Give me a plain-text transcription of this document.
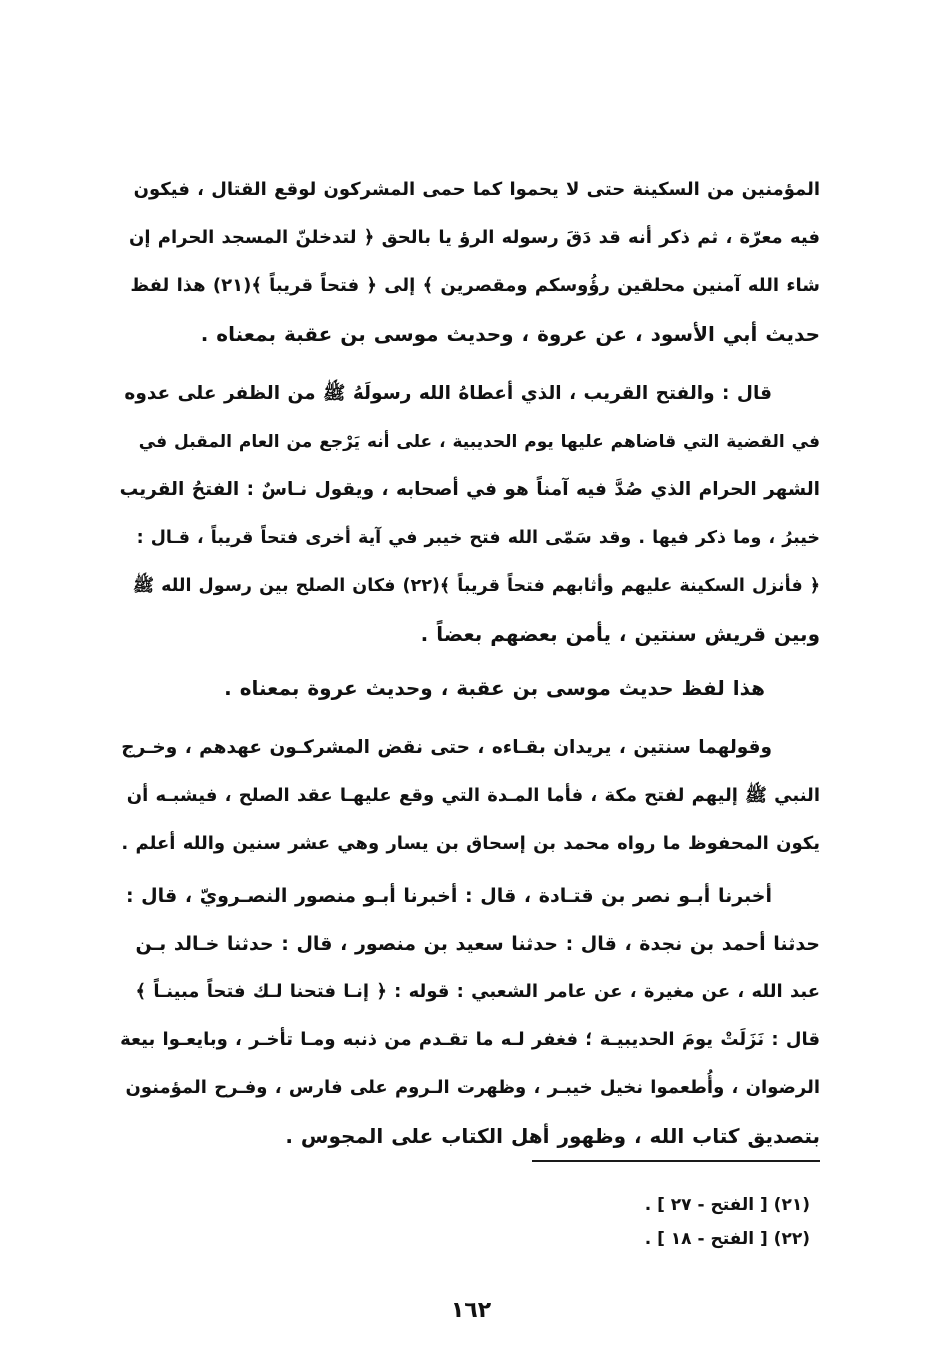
المؤمنين من السكينة حتى لا يحموا كما حمى المشركون لوقع القتال ، فيكون
فيه معرّة ، ثم ذكر أنه قد دَقَ رسوله الرؤ يا بالحق ﴿ لتدخلنّ المسجد الحرام إن
شاء الله آمنين محلقين رؤُوسكم ومقصرين ﴾ إلى ﴿ فتحاً قريباً ﴾(٢١) هذا لفظ
حديث أبي الأسود ، عن عروة ، وحديث موسى بن عقبة بمعناه .
قال : والفتح القريب ، الذي أعطاهُ الله رسولَهُ ﷺ من الظفر على عدوه
في القضية التي قاضاهم عليها يوم الحديبية ، على أنه يَرْجع من العام المقبل في
الشهر الحرام الذي صُدَّ فيه آمناً هو في أصحابه ، ويقول نـاسٌ : الفتحُ القريب
خيبرُ ، وما ذكر فيها . وقد سَمّى الله فتح خيبر في آية أخرى فتحاً قريباً ، قـال :
﴿ فأنزل السكينة عليهم وأثابهم فتحاً قريباً ﴾(٢٢) فكان الصلح بين رسول الله ﷺ
وبين قريش سنتين ، يأمن بعضهم بعضاً .
هذا لفظ حديث موسى بن عقبة ، وحديث عروة بمعناه .
وقولهما سنتين ، يريدان بقـاءه ، حتى نقض المشركـون عهدهم ، وخـرج
النبي ﷺ إليهم لفتح مكة ، فأما المـدة التي وقع عليهـا عقد الصلح ، فيشبـه أن
يكون المحفوظ ما رواه محمد بن إسحاق بن يسار وهي عشر سنين والله أعلم .
أخبرنا أبـو نصر بن قتـادة ، قال : أخبرنا أبـو منصور النصـرويّ ، قال :
حدثنا أحمد بن نجدة ، قال : حدثنا سعيد بن منصور ، قال : حدثنا خـالد بـن
عبد الله ، عن مغيرة ، عن عامر الشعبي : قوله : ﴿ إنـا فتحنا لـك فتحاً مبينـاً ﴾
قال : نَزَلَتْ يومَ الحديبيـة ؛ فغفر لـه ما تقـدم من ذنبه ومـا تأخـر ، وبايعـوا بيعة
الرضوان ، وأُطعموا نخيل خيبـر ، وظهرت الـروم على فارس ، وفـرح المؤمنون
بتصديق كتاب الله ، وظهور أهل الكتاب على المجوس .
(٢١) [ الفتح - ٢٧ ] .
(٢٢) [ الفتح - ١٨ ] .
١٦٢
